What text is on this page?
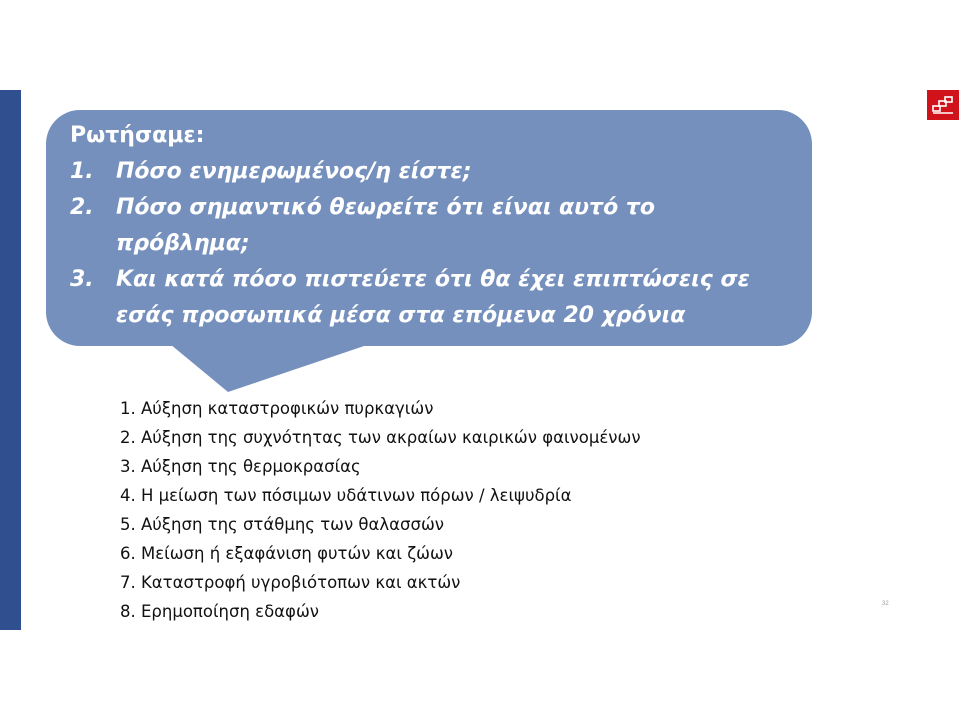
Ρωτήσαμε:
1.	Πόσο ενημερωμένος/η είστε;
2.	Πόσο σημαντικό θεωρείτε ότι είναι αυτό το
πρόβλημα;
3.	Και κατά πόσο πιστεύετε ότι θα έχει επιπτώσεις σε
εσάς προσωπικά μέσα στα επόμενα 20 χρόνια
1. Αύξηση καταστροφικών πυρκαγιών
2. Αύξηση της συχνότητας των ακραίων καιρικών φαινομένων
3. Αύξηση της θερμοκρασίας
4. Η μείωση των πόσιμων υδάτινων πόρων / λειψυδρία
5. Αύξηση της στάθμης των θαλασσών
6. Μείωση ή εξαφάνιση φυτών και ζώων
7. Καταστροφή υγροβιότοπων και ακτών
8. Ερημοποίηση εδαφών	32
